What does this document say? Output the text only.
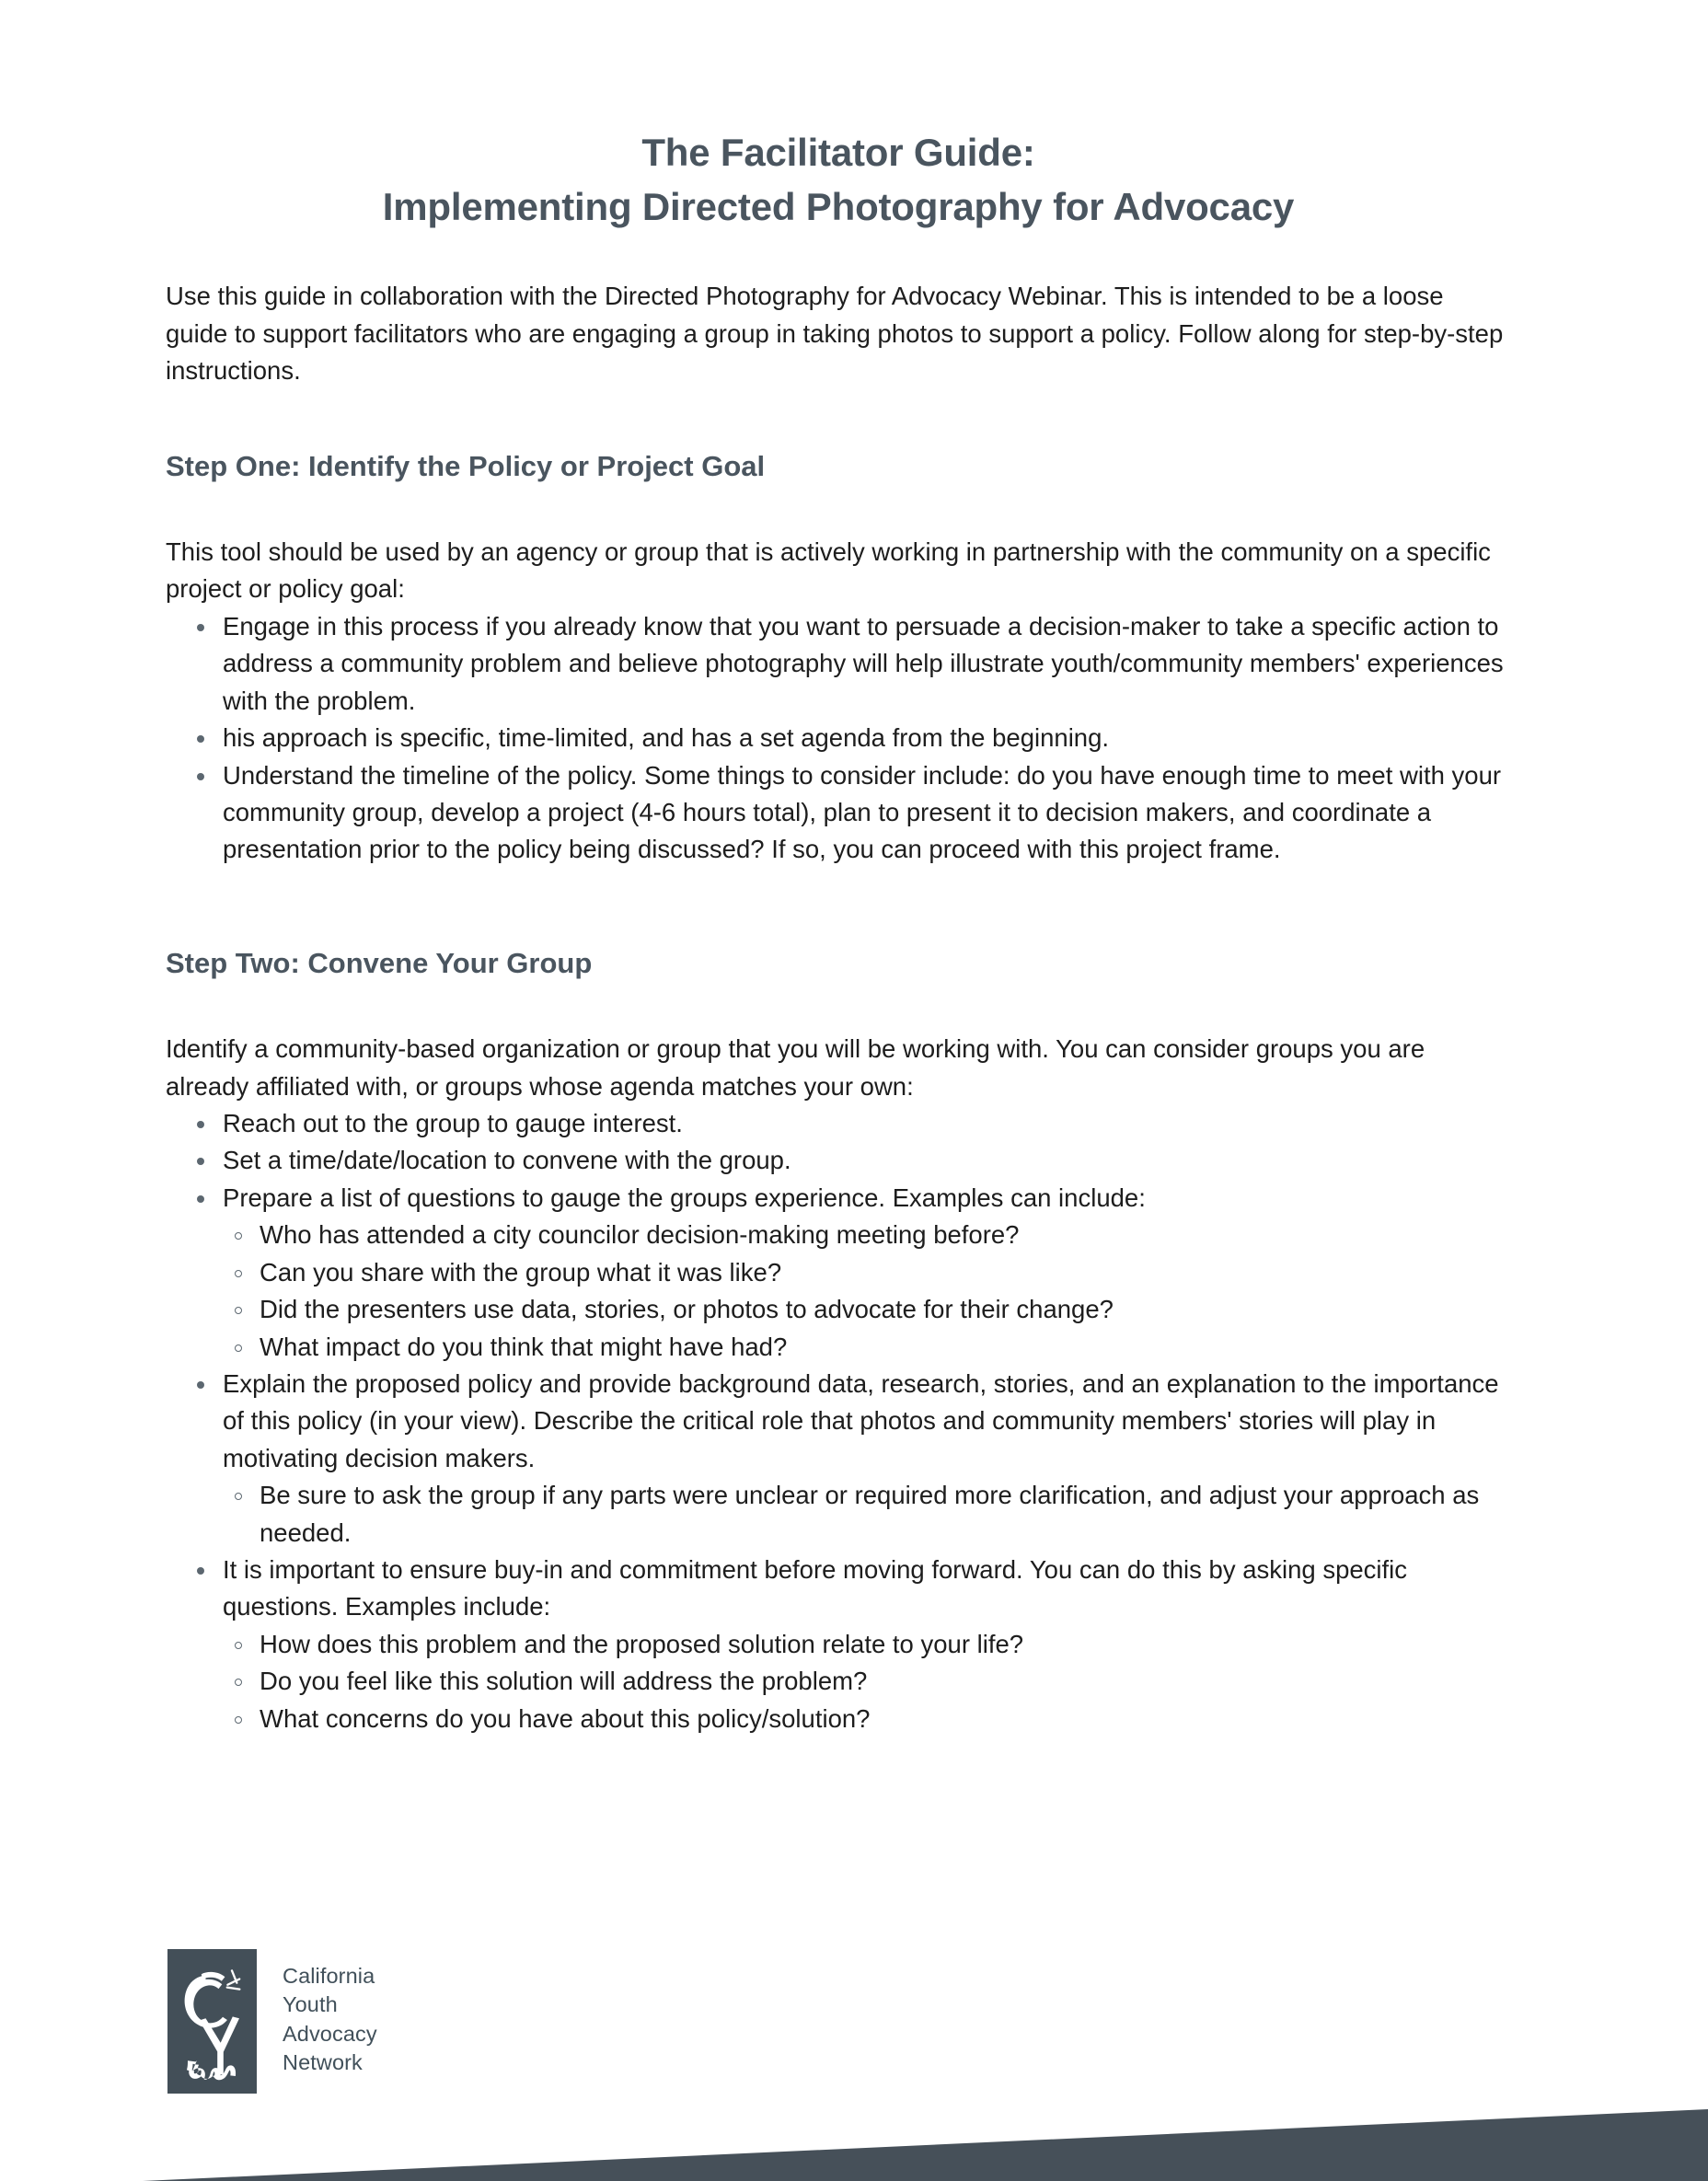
The Facilitator Guide:
Implementing Directed Photography for Advocacy

Use this guide in collaboration with the Directed Photography for Advocacy Webinar. This is intended to be a loose guide to support facilitators who are engaging a group in taking photos to support a policy. Follow along for step-by-step instructions.

Step One: Identify the Policy or Project Goal

This tool should be used by an agency or group that is actively working in partnership with the community on a specific project or policy goal:

Engage in this process if you already know that you want to persuade a decision-maker to take a specific action to address a community problem and believe photography will help illustrate youth/community members' experiences with the problem.
his approach is specific, time-limited, and has a set agenda from the beginning.
Understand the timeline of the policy. Some things to consider include: do you have enough time to meet with your community group, develop a project (4-6 hours total), plan to present it to decision makers, and coordinate a presentation prior to the policy being discussed? If so, you can proceed with this project frame.
Step Two: Convene Your Group

Identify a community-based organization or group that you will be working with. You can consider groups you are already affiliated with, or groups whose agenda matches your own:

Reach out to the group to gauge interest.
Set a time/date/location to convene with the group.
Prepare a list of questions to gauge the groups experience. Examples can include:
Who has attended a city councilor decision-making meeting before?
Can you share with the group what it was like?
Did the presenters use data, stories, or photos to advocate for their change?
What impact do you think that might have had?
Explain the proposed policy and provide background data, research, stories, and an explanation to the importance of this policy (in your view). Describe the critical role that photos and community members' stories will play in motivating decision makers.
Be sure to ask the group if any parts were unclear or required more clarification, and adjust your approach as needed.
It is important to ensure buy-in and commitment before moving forward. You can do this by asking specific questions. Examples include:
How does this problem and the proposed solution relate to your life?
Do you feel like this solution will address the problem?
What concerns do you have about this policy/solution?
California
Youth
Advocacy
Network
